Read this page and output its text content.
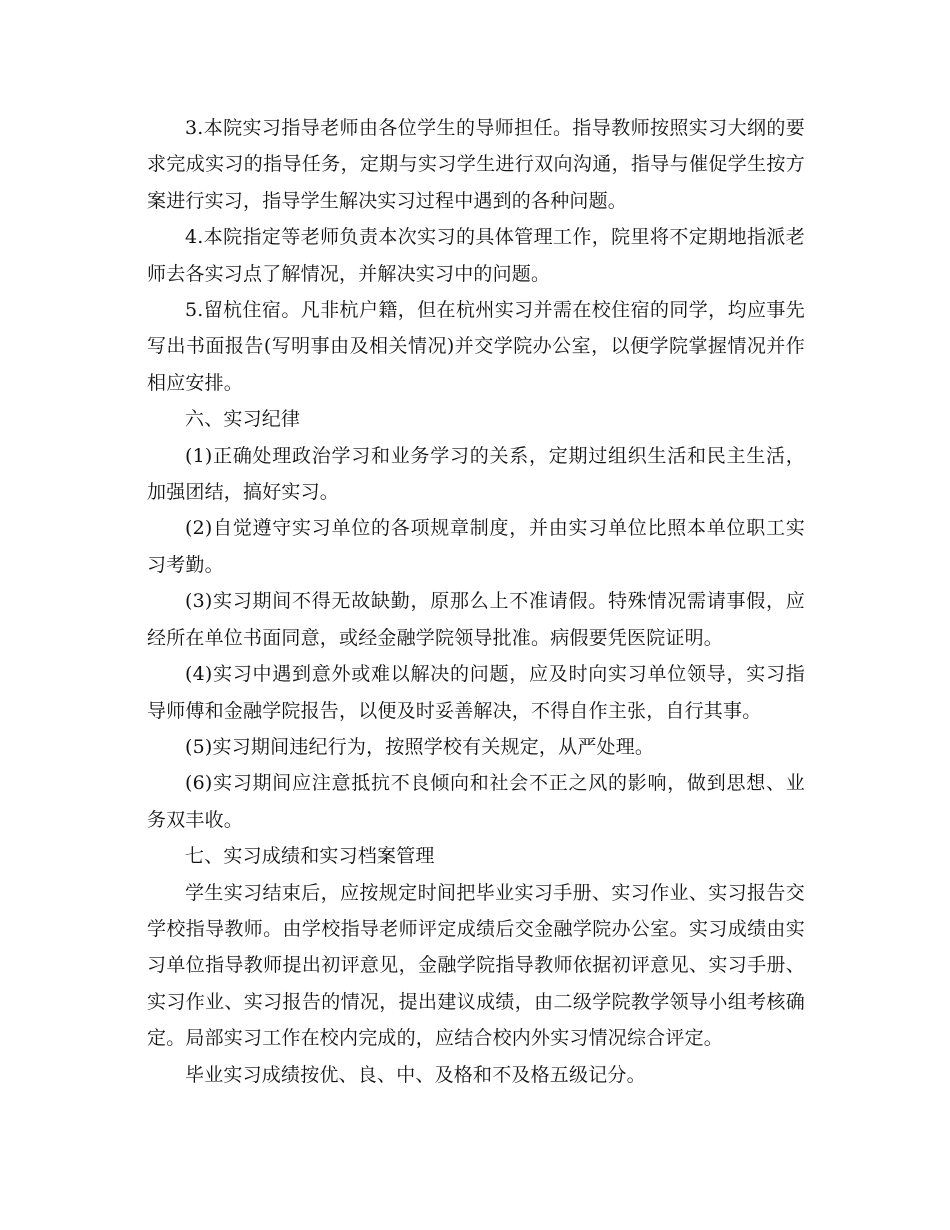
3.本院实习指导老师由各位学生的导师担任。指导教师按照实习大纲的要求完成实习的指导任务，定期与实习学生进行双向沟通，指导与催促学生按方案进行实习，指导学生解决实习过程中遇到的各种问题。

4.本院指定等老师负责本次实习的具体管理工作，院里将不定期地指派老师去各实习点了解情况，并解决实习中的问题。

5.留杭住宿。凡非杭户籍，但在杭州实习并需在校住宿的同学，均应事先写出书面报告(写明事由及相关情况)并交学院办公室，以便学院掌握情况并作相应安排。

六、实习纪律

(1)正确处理政治学习和业务学习的关系，定期过组织生活和民主生活，加强团结，搞好实习。

(2)自觉遵守实习单位的各项规章制度，并由实习单位比照本单位职工实习考勤。

(3)实习期间不得无故缺勤，原那么上不准请假。特殊情况需请事假，应经所在单位书面同意，或经金融学院领导批准。病假要凭医院证明。

(4)实习中遇到意外或难以解决的问题，应及时向实习单位领导，实习指导师傅和金融学院报告，以便及时妥善解决，不得自作主张，自行其事。

(5)实习期间违纪行为，按照学校有关规定，从严处理。

(6)实习期间应注意抵抗不良倾向和社会不正之风的影响，做到思想、业务双丰收。

七、实习成绩和实习档案管理

学生实习结束后，应按规定时间把毕业实习手册、实习作业、实习报告交学校指导教师。由学校指导老师评定成绩后交金融学院办公室。实习成绩由实习单位指导教师提出初评意见，金融学院指导教师依据初评意见、实习手册、实习作业、实习报告的情况，提出建议成绩，由二级学院教学领导小组考核确定。局部实习工作在校内完成的，应结合校内外实习情况综合评定。

毕业实习成绩按优、良、中、及格和不及格五级记分。
